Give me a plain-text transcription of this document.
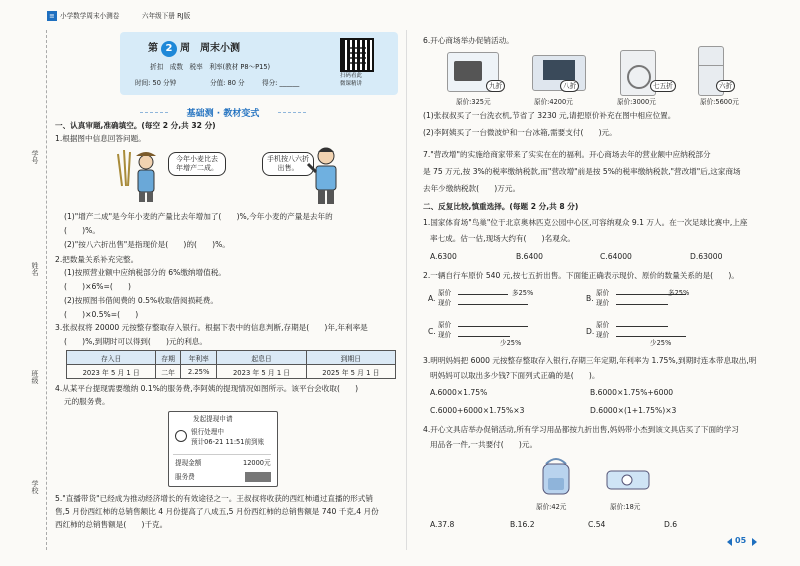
学号
姓名
班级
学校
≡ 小学数学周末小测卷	六年级下册 RJ版
第 2 周　周末小测
折扣　成数　税率　利率(教材 P8～P15)
时间: 50 分钟	分值: 80 分	得分: ______
扫码看此
微课精讲
基础测 · 教材变式
一、认真审题,准确填空。(每空 2 分,共 32 分)
1.根据图中信息回答问题。
今年小麦比去年增产二成。
手机按八六折出售。
(1)"增产二成"是今年小麦的产量比去年增加了(　　)%,今年小麦的产量是去年的
(　　)%。
(2)"按八六折出售"是指现价是(　　)的(　　)%。
2.把数量关系补充完整。
(1)按照营业额中应纳税部分的 6%缴纳增值税。
(　　)×6%=(　　)
(2)按照图书借阅费的 0.5%收取借阅损耗费。
(　　)×0.5%=(　　)
3.张叔叔将 20000 元按整存整取存入银行。根据下表中的信息判断,存期是(　　)年,年利率是
(　　)%,到期时可以得到(　　)元的利息。
存入日	存期	年利率	起息日	到期日
2023 年 5 月 1 日	二年	2.25%	2023 年 5 月 1 日	2025 年 5 月 1 日
4.从某平台提现需要缴纳 0.1%的服务费,李阿姨的提现情况如图所示。该平台会收取(　　)
元的服务费。
发起提现申请
银行处理中
预计06-21 11:51前到账
提现金额	12000元
服务费
5."直播带货"已经成为推动经济增长的有效途径之一。王叔叔将收获的西红柿通过直播的形式销
售,5 月份西红柿的总销售额比 4 月份提高了八成五,5 月份西红柿的总销售额是 740 千克,4 月份
西红柿的总销售额是(　　)千克。
6.开心商场举办促销活动。
九折
原价:325元
八折
原价:4200元
七五折
原价:3000元
六折
原价:5600元
(1)张叔叔买了一台洗衣机,节省了 3230 元,请把原价补充在图中相应位置。
(2)李阿姨买了一台微波炉和一台冰箱,需要支付(　　)元。
7."营改增"的实施给商家带来了实实在在的福利。开心商场去年的营业额中应纳税部分
是 75 万元,按 3%的税率缴纳税款,而"营改增"前是按 5%的税率缴纳税款,"营改增"后,这家商场
去年少缴纳税款(　　)万元。
二、反复比较,慎重选择。(每题 2 分,共 8 分)
1.国家体育场"鸟巢"位于北京奥林匹克公园中心区,可容纳观众 9.1 万人。在一次足球比赛中,上座
率七成。估一估,现场大约有(　　)名观众。
A.6300	B.6400	C.64000	D.63000
2.一辆自行车原价 540 元,按七五折出售。下面能正确表示现价、原价的数量关系的是(　　)。
A.
原价
现价
多25%
B.
原价
现价
多25%
C.
原价
现价
少25%
D.
原价
现价
少25%
3.明明妈妈把 6000 元按整存整取存入银行,存期三年定期,年利率为 1.75%,到期时连本带息取出,明
明妈妈可以取出多少钱?下面列式正确的是(　　)。
A.6000×1.75%	B.6000×1.75%+6000
C.6000+6000×1.75%×3	D.6000×(1+1.75%)×3
4.开心文具店举办促销活动,所有学习用品都按九折出售,妈妈带小杰到该文具店买了下面的学习
用品各一件,一共要付(　　)元。
原价:42元	原价:18元
A.37.8	B.16.2	C.54	D.6
05
